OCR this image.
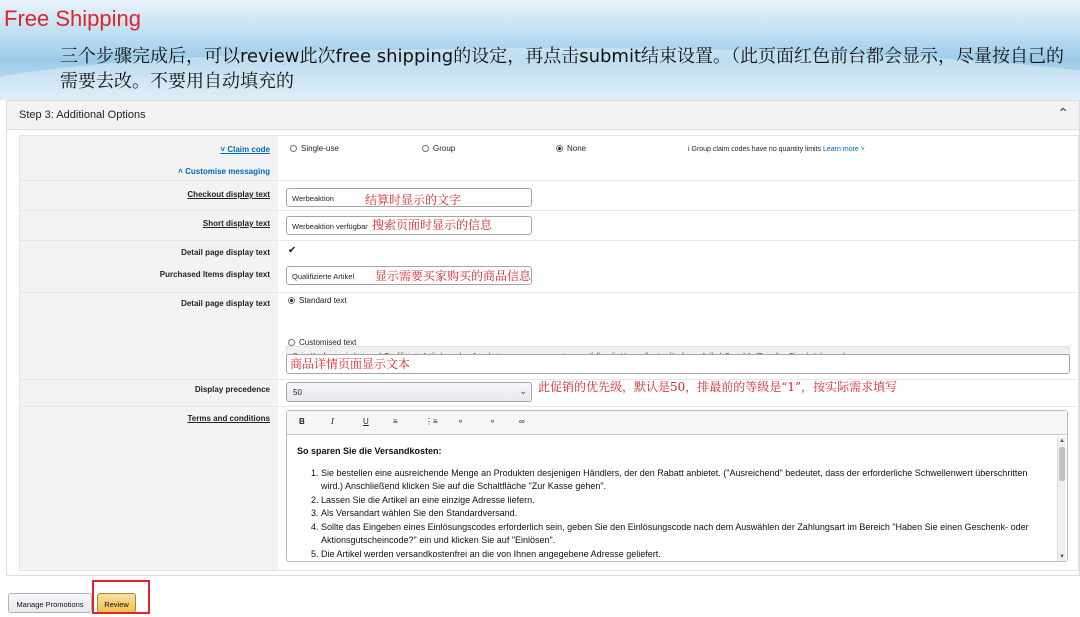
Free Shipping
三个步骤完成后，可以review此次free shipping的设定，再点击submit结束设置。（此页面红色前台都会显示，尽量按自己的需要去改。不要用自动填充的
Step 3: Additional Options	⌃
˅ Claim code	Single-use	Group	None	i Group claim codes have no quantity limits Learn more ˅
˄ Customise messaging
Checkout display text	Werbeaktion	结算时显示的文字
Short display text	Werbeaktion verfügbar 搜索页面时显示的信息
Detail page display text ✔
Purchased Items display text	Qualifizierte Artikel	显示需要买家购买的商品信息
Detail page display text	Standard text
Customised text
商品详情页面显示文本
Display precedence	50	⌄ 此促销的优先级，默认是50，排最前的等级是“1”，按实际需求填写
Terms and conditions	B	I	U	≡	⋮≡ ⚬	⚬	∞
So sparen Sie die Versandkosten:
1. Sie bestellen eine ausreichende Menge an Produkten desjenigen Händlers, der den Rabatt anbietet. ("Ausreichend" bedeutet, dass der erforderliche Schwellenwert überschritten wird.) Anschließend klicken Sie auf die Schaltfläche "Zur Kasse gehen".
2. Lassen Sie die Artikel an eine einzige Adresse liefern.
3. Als Versandart wählen Sie den Standardversand.
4. Sollte das Eingeben eines Einlösungscodes erforderlich sein, geben Sie den Einlösungscode nach dem Auswählen der Zahlungsart im Bereich "Haben Sie einen Geschenk- oder Aktionsgutscheincode?" ein und klicken Sie auf "Einlösen".
5. Die Artikel werden versandkostenfrei an die von Ihnen angegebene Adresse geliefert.
▲
▼
Manage Promotions	Review
